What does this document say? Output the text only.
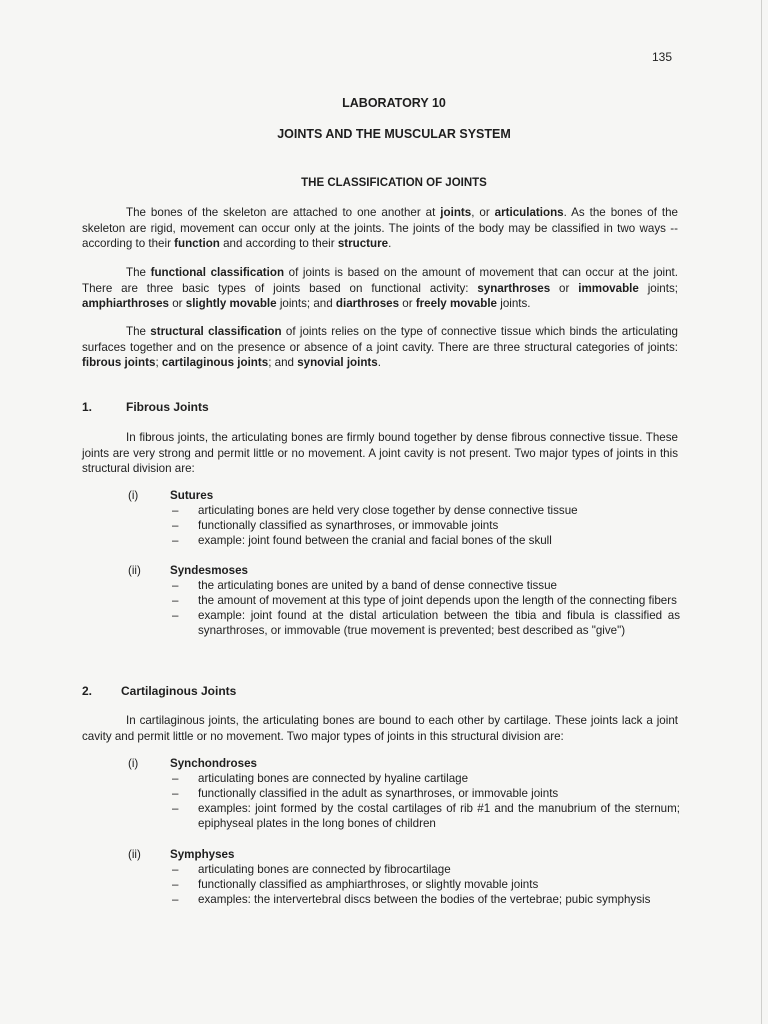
135
LABORATORY 10
JOINTS AND THE MUSCULAR SYSTEM
THE CLASSIFICATION OF JOINTS

The bones of the skeleton are attached to one another at joints, or articulations. As the bones of the skeleton are rigid, movement can occur only at the joints. The joints of the body may be classified in two ways -- according to their function and according to their structure.

The functional classification of joints is based on the amount of movement that can occur at the joint. There are three basic types of joints based on functional activity: synarthroses or immovable joints; amphiarthroses or slightly movable joints; and diarthroses or freely movable joints.

The structural classification of joints relies on the type of connective tissue which binds the articulating surfaces together and on the presence or absence of a joint cavity. There are three structural categories of joints: fibrous joints; cartilaginous joints; and synovial joints.

1.	Fibrous Joints

In fibrous joints, the articulating bones are firmly bound together by dense fibrous connective tissue. These joints are very strong and permit little or no movement. A joint cavity is not present. Two major types of joints in this structural division are:

(i)	Sutures
– articulating bones are held very close together by dense connective tissue
– functionally classified as synarthroses, or immovable joints
– example: joint found between the cranial and facial bones of the skull
(ii)	Syndesmoses
– the articulating bones are united by a band of dense connective tissue
– the amount of movement at this type of joint depends upon the length of the connecting fibers
– example: joint found at the distal articulation between the tibia and fibula is classified as synarthroses, or immovable (true movement is prevented; best described as "give")
2. Cartilaginous Joints

In cartilaginous joints, the articulating bones are bound to each other by cartilage. These joints lack a joint cavity and permit little or no movement. Two major types of joints in this structural division are:

(i)	Synchondroses
– articulating bones are connected by hyaline cartilage
– functionally classified in the adult as synarthroses, or immovable joints
– examples: joint formed by the costal cartilages of rib #1 and the manubrium of the sternum; epiphyseal plates in the long bones of children
(ii)	Symphyses
– articulating bones are connected by fibrocartilage
– functionally classified as amphiarthroses, or slightly movable joints
– examples: the intervertebral discs between the bodies of the vertebrae; pubic symphysis
